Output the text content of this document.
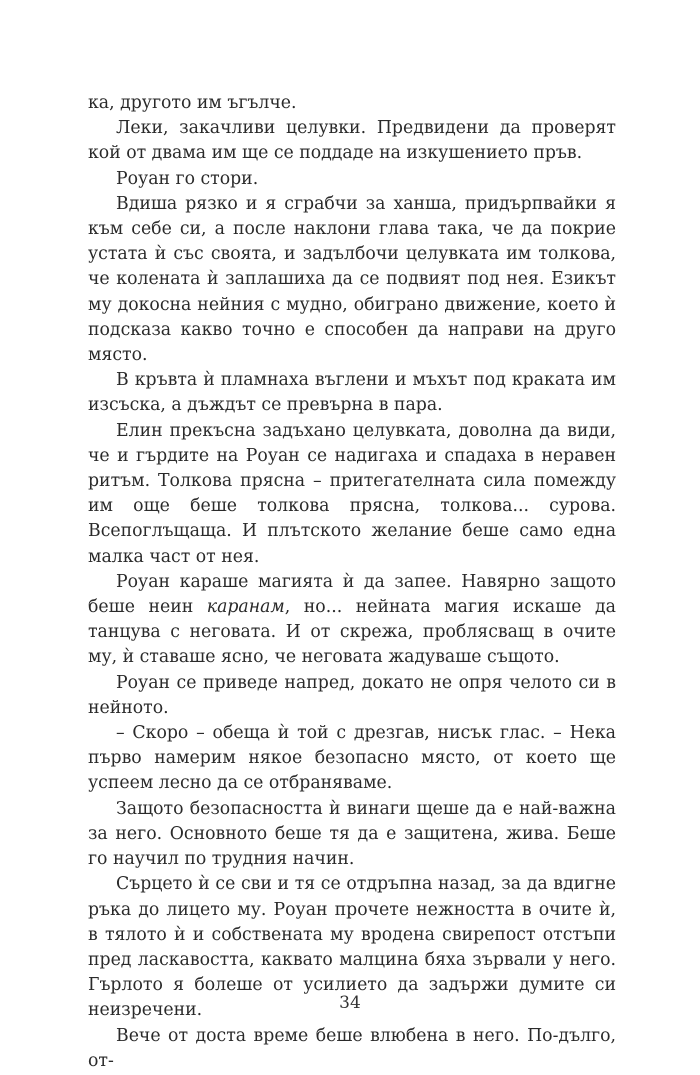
ка, другото им ъгълче.

Леки, закачливи целувки. Предвидени да проверят кой от двама им ще се поддаде на изкушението пръв.

Роуан го стори.

Вдиша рязко и я сграбчи за ханша, придърпвайки я към себе си, а после наклони глава така, че да покрие устата ѝ със своята, и задълбочи целувката им толкова, че колената ѝ заплашиха да се подвият под нея. Езикът му докосна нейния с мудно, обиграно движение, което ѝ подсказа какво точно е способен да направи на друго място.

В кръвта ѝ пламнаха въглени и мъхът под краката им изсъска, а дъждът се превърна в пара.

Елин прекъсна задъхано целувката, доволна да види, че и гърдите на Роуан се надигаха и спадаха в неравен ритъм. Толкова прясна – притегателната сила помежду им още беше толкова прясна, толкова... сурова. Всепоглъщаща. И плътското желание беше само една малка част от нея.

Роуан караше магията ѝ да запее. Навярно защото беше неин каранам, но... нейната магия искаше да танцува с неговата. И от скрежа, проблясващ в очите му, ѝ ставаше ясно, че неговата жадуваше същото.

Роуан се приведе напред, докато не опря челото си в нейното.

– Скоро – обеща ѝ той с дрезгав, нисък глас. – Нека първо намерим някое безопасно място, от което ще успеем лесно да се отбраняваме.

Защото безопасността ѝ винаги щеше да е най-важна за него. Основното беше тя да е защитена, жива. Беше го научил по трудния начин.

Сърцето ѝ се сви и тя се отдръпна назад, за да вдигне ръка до лицето му. Роуан прочете нежността в очите ѝ, в тялото ѝ и собствената му вродена свирепост отстъпи пред ласкавостта, каквато малцина бяха зървали у него. Гърлото я болеше от усилието да задържи думите си неизречени.

Вече от доста време беше влюбена в него. По-дълго, от-

34
